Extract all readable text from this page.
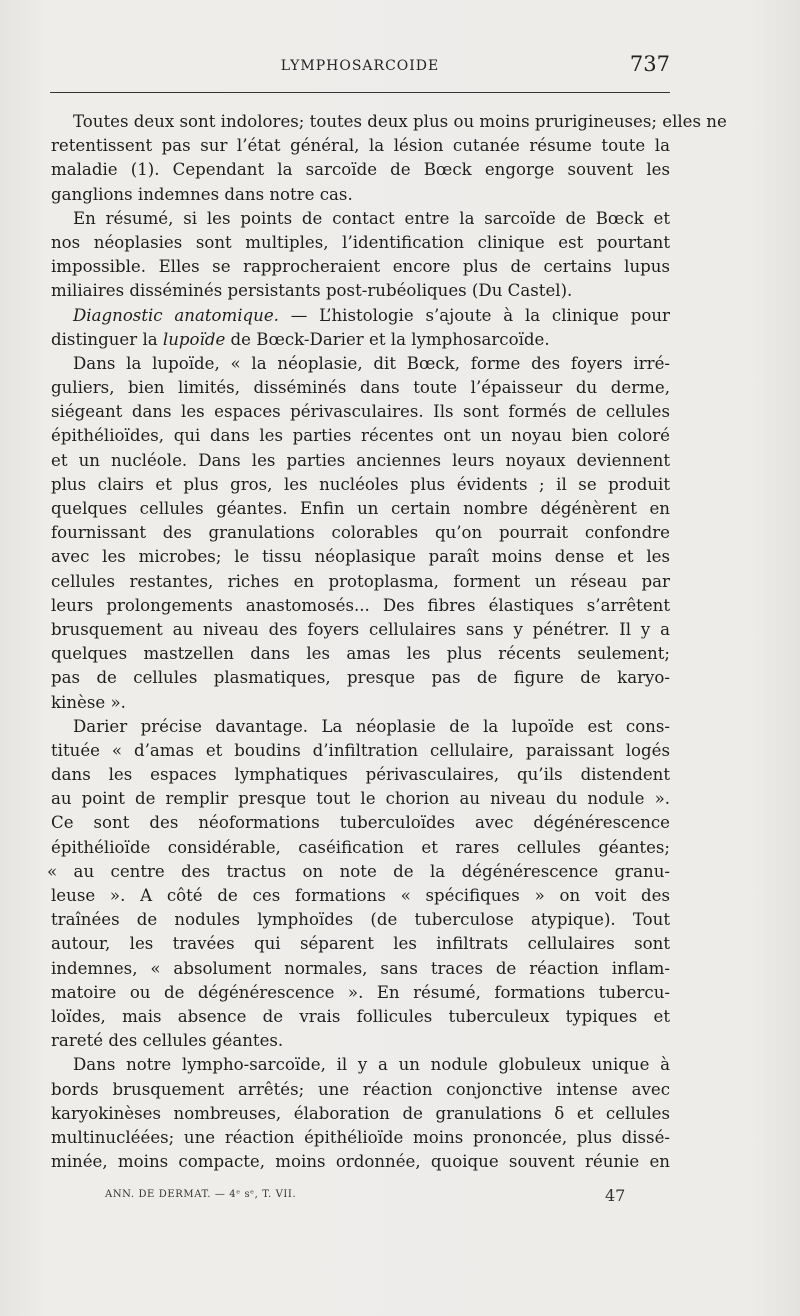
LYMPHOSARCOIDE	737
Toutes deux sont indolores; toutes deux plus ou moins prurigineuses; elles ne
retentissent pas sur l’état général, la lésion cutanée résume toute la
maladie (1). Cependant la sarcoïde de Bœck engorge souvent les
ganglions indemnes dans notre cas.
En résumé, si les points de contact entre la sarcoïde de Bœck et
nos néoplasies sont multiples, l’identification clinique est pourtant
impossible. Elles se rapprocheraient encore plus de certains lupus
miliaires disséminés persistants post-rubéoliques (Du Castel).
Diagnostic anatomique. — L’histologie s’ajoute à la clinique pour
distinguer la lupoïde de Bœck-Darier et la lymphosarcoïde.
Dans la lupoïde, « la néoplasie, dit Bœck, forme des foyers irré-
guliers, bien limités, disséminés dans toute l’épaisseur du derme,
siégeant dans les espaces périvasculaires. Ils sont formés de cellules
épithélioïdes, qui dans les parties récentes ont un noyau bien coloré
et un nucléole. Dans les parties anciennes leurs noyaux deviennent
plus clairs et plus gros, les nucléoles plus évidents ; il se produit
quelques cellules géantes. Enfin un certain nombre dégénèrent en
fournissant des granulations colorables qu’on pourrait confondre
avec les microbes; le tissu néoplasique paraît moins dense et les
cellules restantes, riches en protoplasma, forment un réseau par
leurs prolongements anastomosés... Des fibres élastiques s’arrêtent
brusquement au niveau des foyers cellulaires sans y pénétrer. Il y a
quelques mastzellen dans les amas les plus récents seulement;
pas de cellules plasmatiques, presque pas de figure de karyo-
kinèse ».
Darier précise davantage. La néoplasie de la lupoïde est cons-
tituée « d’amas et boudins d’infiltration cellulaire, paraissant logés
dans les espaces lymphatiques périvasculaires, qu’ils distendent
au point de remplir presque tout le chorion au niveau du nodule ».
Ce sont des néoformations tuberculoïdes avec dégénérescence
épithélioïde considérable, caséification et rares cellules géantes;
« au centre des tractus on note de la dégénérescence granu-
leuse ». A côté de ces formations « spécifiques » on voit des
traînées de nodules lymphoïdes (de tuberculose atypique). Tout
autour, les travées qui séparent les infiltrats cellulaires sont
indemnes, « absolument normales, sans traces de réaction inflam-
matoire ou de dégénérescence ». En résumé, formations tubercu-
loïdes, mais absence de vrais follicules tuberculeux typiques et
rareté des cellules géantes.
Dans notre lympho-sarcoïde, il y a un nodule globuleux unique à
bords brusquement arrêtés; une réaction conjonctive intense avec
karyokinèses nombreuses, élaboration de granulations δ et cellules
multinucléées; une réaction épithélioïde moins prononcée, plus dissé-
minée, moins compacte, moins ordonnée, quoique souvent réunie en
ANN. DE DERMAT. — 4ᵉ sᵉ, T. VII.	47
